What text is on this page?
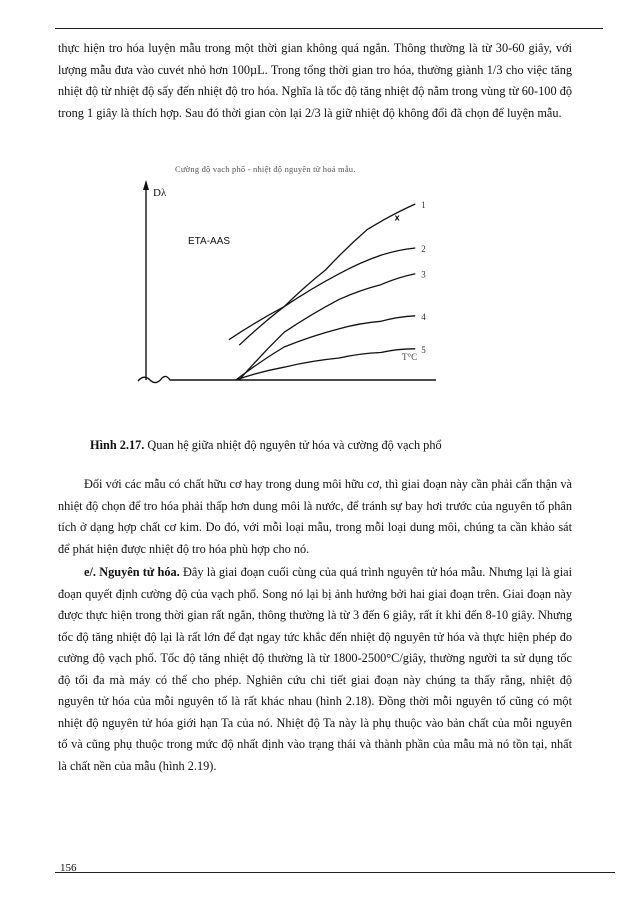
thực hiện tro hóa luyện mẫu trong một thời gian không quá ngắn. Thông thường là từ 30-60 giây, với lượng mẫu đưa vào cuvét nhỏ hơn 100µL. Trong tổng thời gian tro hóa, thường giành 1/3 cho việc tăng nhiệt độ từ nhiệt độ sấy đến nhiệt độ tro hóa. Nghĩa là tốc độ tăng nhiệt độ nằm trong vùng từ 60-100 độ trong 1 giây là thích hợp. Sau đó thời gian còn lại 2/3 là giữ nhiệt độ không đổi đã chọn để luyện mẫu.

Cường độ vạch phổ - nhiệt độ nguyên tử hoá mẫu.
Dλ
T°C
ETA-AAS
1
2
3
4
5
x
Hình 2.17. Quan hệ giữa nhiệt độ nguyên tử hóa và cường độ vạch phổ

Đối với các mẫu có chất hữu cơ hay trong dung môi hữu cơ, thì giai đoạn này cần phải cẩn thận và nhiệt độ chọn để tro hóa phải thấp hơn dung môi là nước, để tránh sự bay hơi trước của nguyên tố phân tích ở dạng hợp chất cơ kim. Do đó, với mỗi loại mẫu, trong mỗi loại dung môi, chúng ta cần khảo sát để phát hiện được nhiệt độ tro hóa phù hợp cho nó.

e/. Nguyên tử hóa. Đây là giai đoạn cuối cùng của quá trình nguyên tử hóa mẫu. Nhưng lại là giai đoạn quyết định cường độ của vạch phổ. Song nó lại bị ảnh hưởng bởi hai giai đoạn trên. Giai đoạn này được thực hiện trong thời gian rất ngắn, thông thường là từ 3 đến 6 giây, rất ít khi đến 8-10 giây. Nhưng tốc độ tăng nhiệt độ lại là rất lớn để đạt ngay tức khắc đến nhiệt độ nguyên tử hóa và thực hiện phép đo cường độ vạch phổ. Tốc độ tăng nhiệt độ thường là từ 1800-2500°C/giây, thường người ta sử dụng tốc độ tối đa mà máy có thể cho phép. Nghiên cứu chi tiết giai đoạn này chúng ta thấy rằng, nhiệt độ nguyên tử hóa của mỗi nguyên tố là rất khác nhau (hình 2.18). Đồng thời mỗi nguyên tố cũng có một nhiệt độ nguyên tử hóa giới hạn Ta của nó. Nhiệt độ Ta này là phụ thuộc vào bản chất của mỗi nguyên tố và cũng phụ thuộc trong mức độ nhất định vào trạng thái và thành phần của mẫu mà nó tồn tại, nhất là chất nền của mẫu (hình 2.19).

156
